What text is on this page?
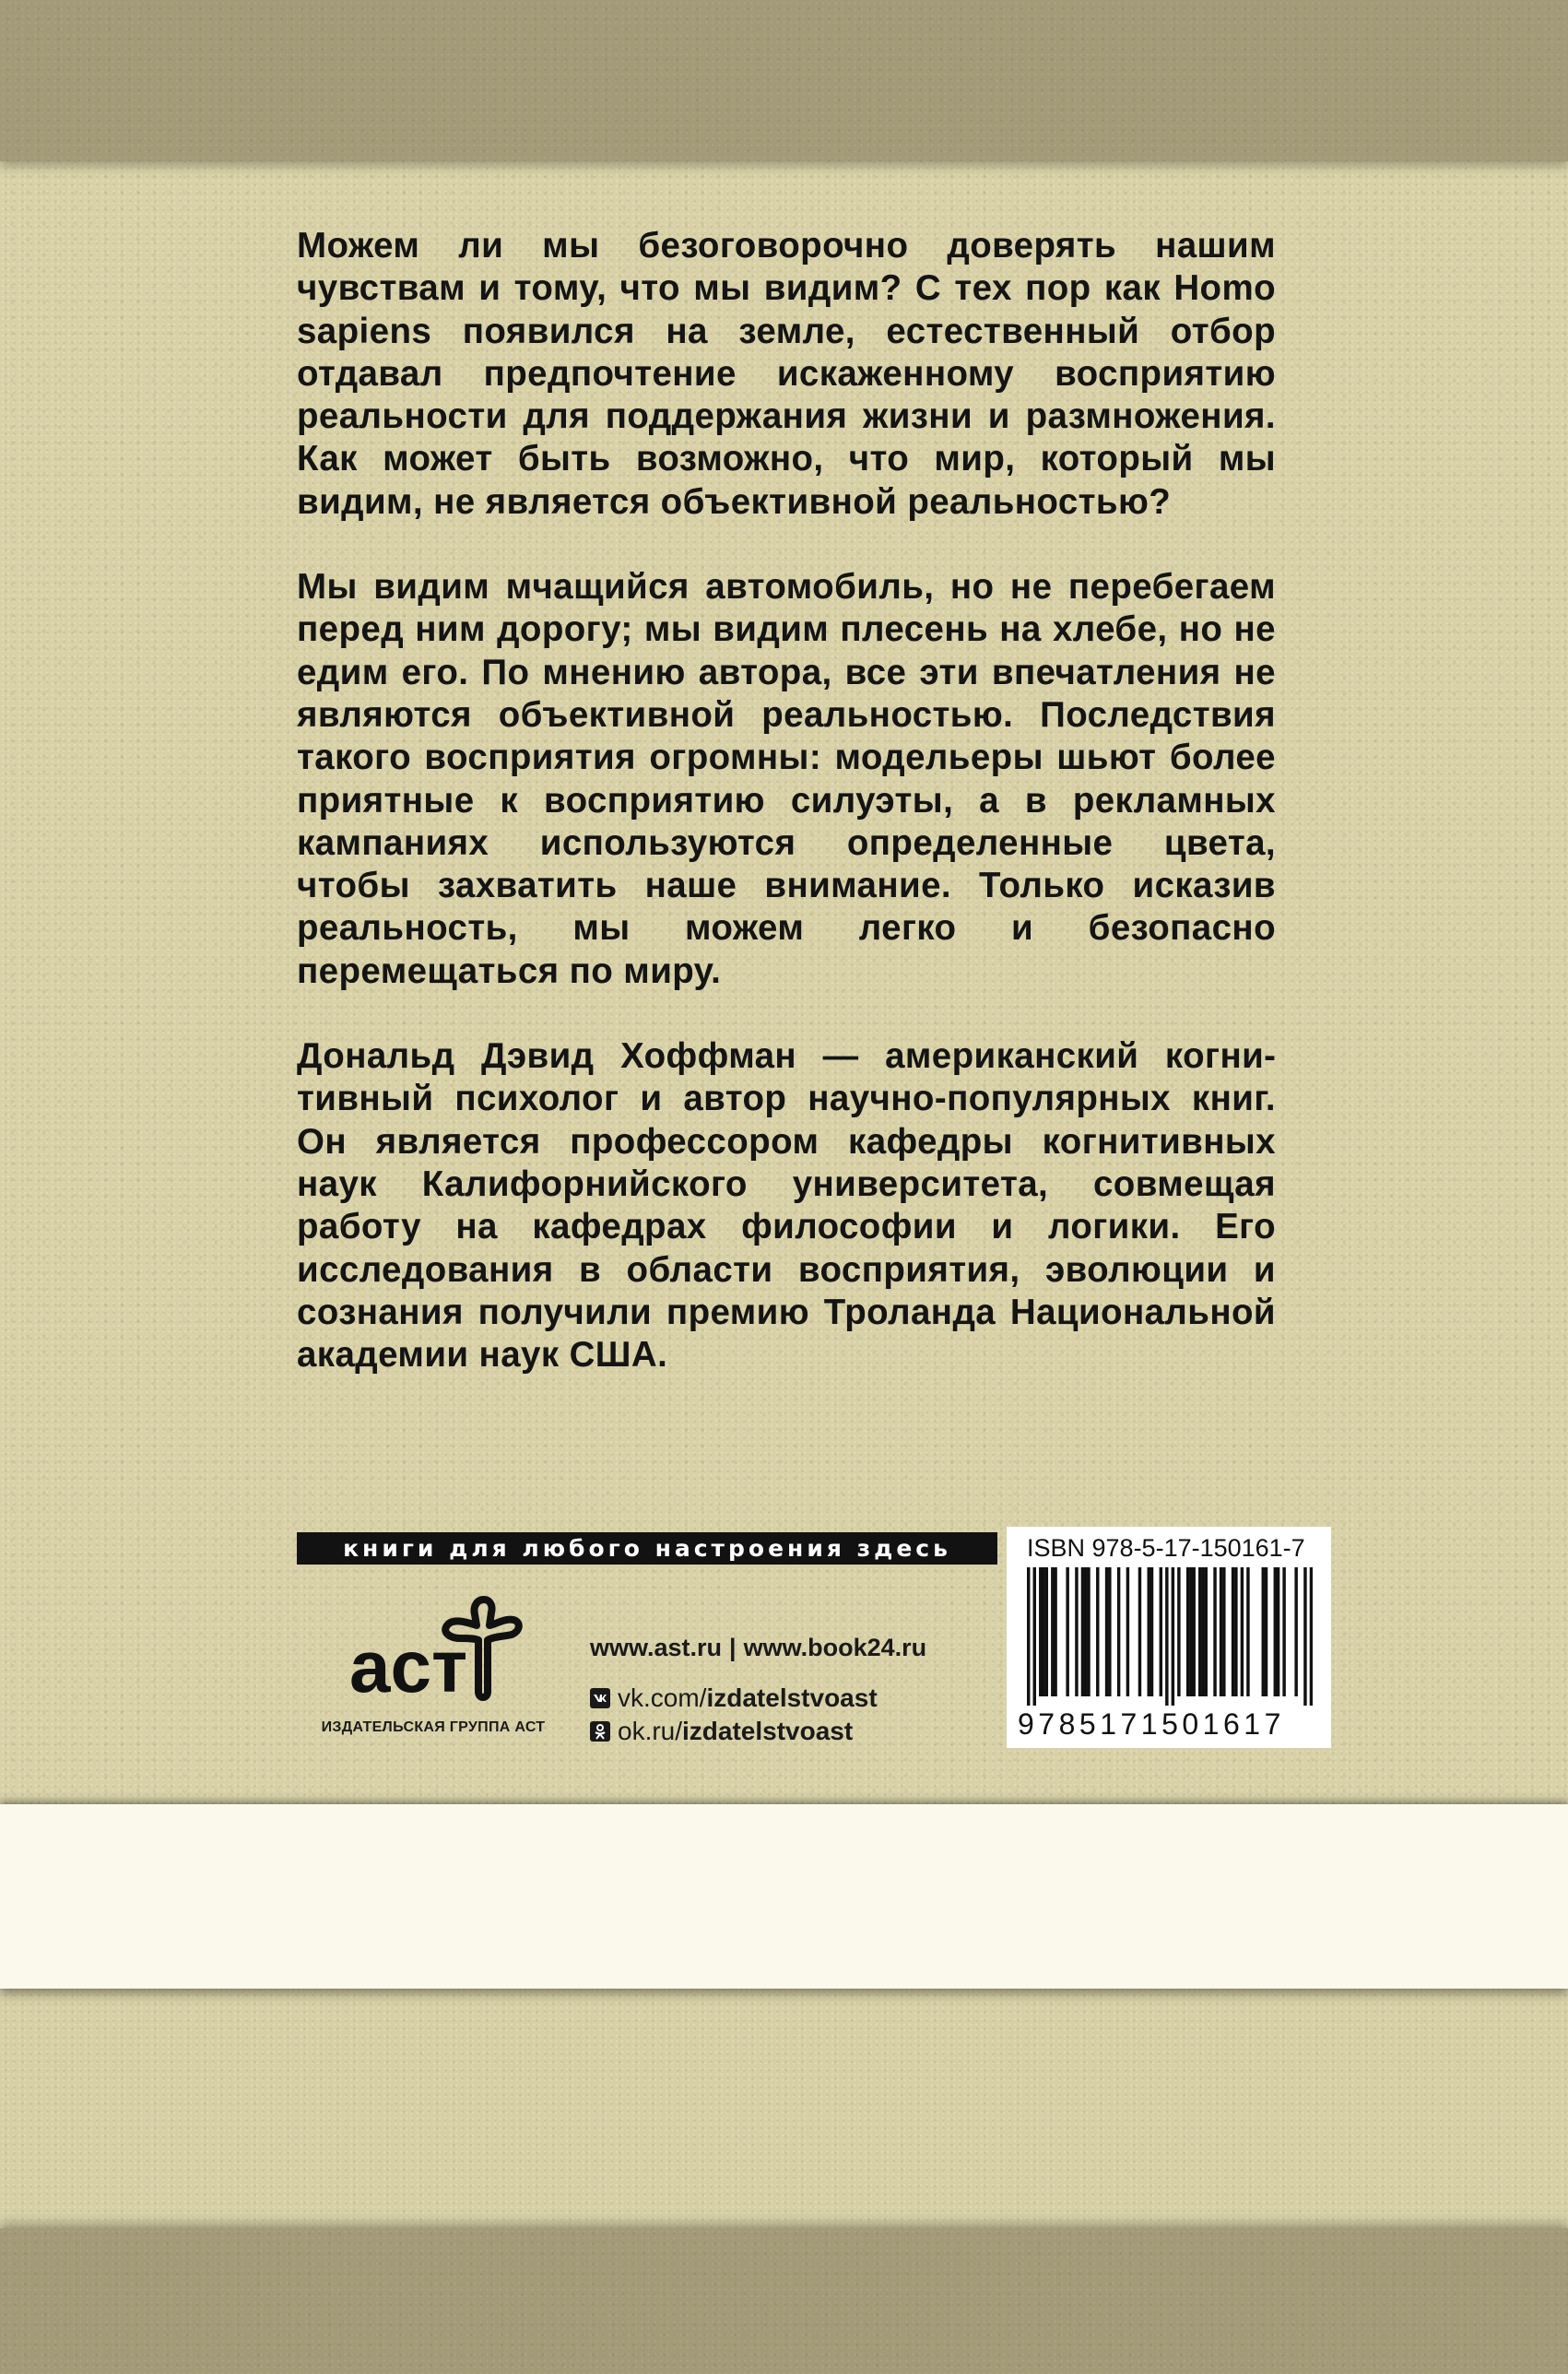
Можем ли мы безоговорочно доверять нашим чувствам и тому, что мы видим? С тех пор как Homo sapiens появился на земле, естественный отбор отдавал предпочтение искаженному восприятию реальности для поддержания жизни и размножения. Как может быть возможно, что мир, который мы видим, не является объективной реальностью?

Мы видим мчащийся автомобиль, но не перебегаем перед ним дорогу; мы видим плесень на хлебе, но не едим его. По мнению автора, все эти впечатления не являются объективной реальностью. Последствия такого восприятия огромны: модельеры шьют более приятные к восприятию силуэты, а в рекламных кампаниях используются определенные цвета, чтобы захватить наше внимание. Только исказив реальность, мы можем легко и безопасно перемещаться по миру.

Дональд Дэвид Хоффман — американский когнитивный психолог и автор научно-популярных книг. Он является профессором кафедры когнитивных наук Калифорнийского университета, совмещая работу на кафедрах философии и логики. Его исследования в области восприятия, эволюции и сознания получили премию Троланда Национальной академии наук США.

книги для любого настроения здесь
аст
ИЗДАТЕЛЬСКАЯ ГРУППА АСТ
www.ast.ru | www.book24.ru
vk.com/ izdatelstvoast
ok.ru/ izdatelstvoast
ISBN 978-5-17-150161-7
9785171501617
